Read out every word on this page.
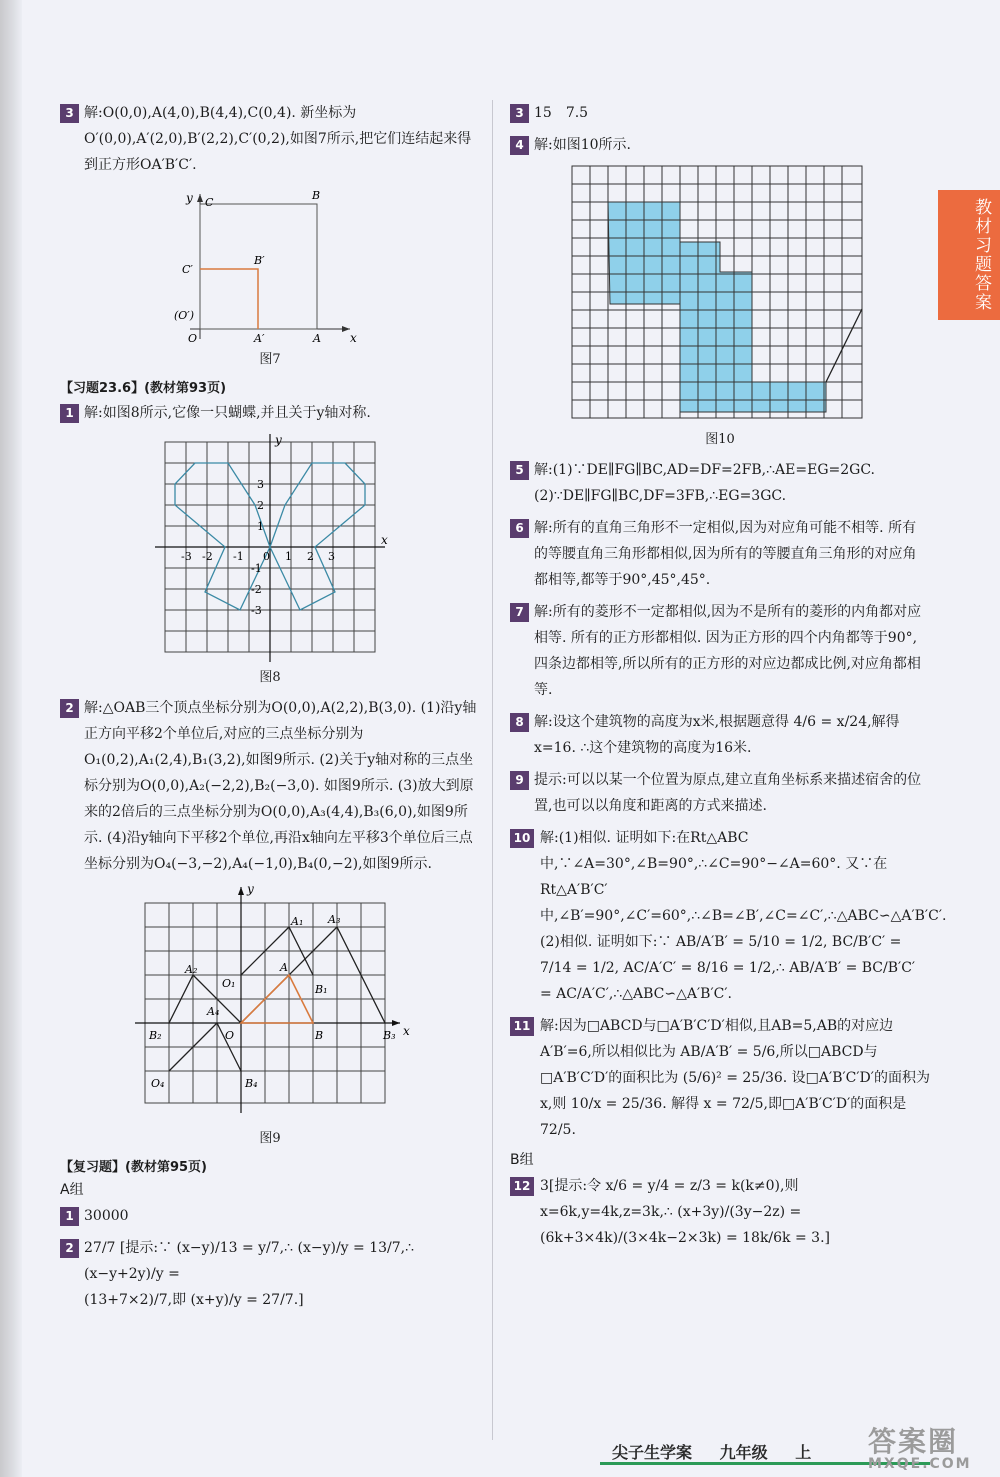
教材习题答案
3 解:O(0,0),A(4,0),B(4,4),C(0,4). 新坐标为O′(0,0),A′(2,0),B′(2,2),C′(0,2),如图7所示,把它们连结起来得到正方形OA′B′C′.
y C
B
C′
B′
(O′)
O	A′	A x
图7
【习题23.6】(教材第93页)
1 解:如图8所示,它像一只蝴蝶,并且关于y轴对称.
y
x
3
2
1
-1
-2
-3
-3 -2 -1 0 1 2 3
图8
2 解:△OAB三个顶点坐标分别为O(0,0),A(2,2),B(3,0). (1)沿y轴正方向平移2个单位后,对应的三点坐标分别为O₁(0,2),A₁(2,4),B₁(3,2),如图9所示. (2)关于y轴对称的三点坐标分别为O(0,0),A₂(−2,2),B₂(−3,0). 如图9所示. (3)放大到原来的2倍后的三点坐标分别为O(0,0),A₃(4,4),B₃(6,0),如图9所示. (4)沿y轴向下平移2个单位,再沿x轴向左平移3个单位后三点坐标分别为O₄(−3,−2),A₄(−1,0),B₄(0,−2),如图9所示.
y
x
A₁ A₃
A₂
O₁
A
B₁
A₄
B₂	O	B	B₃
O₄	B₄
图9
【复习题】(教材第95页)
A组
1 30000
2 27/7 [提示:∵ (x−y)/13 = y/7,∴ (x−y)/y = 13/7,∴ (x−y+2y)/y =
(13+7×2)/7,即 (x+y)/y = 27/7.]
3 15　7.5
4 解:如图10所示.
图10
5 解:(1)∵DE∥FG∥BC,AD=DF=2FB,∴AE=EG=2GC.　(2)∵DE∥FG∥BC,DF=3FB,∴EG=3GC.
6 解:所有的直角三角形不一定相似,因为对应角可能不相等. 所有的等腰直角三角形都相似,因为所有的等腰直角三角形的对应角都相等,都等于90°,45°,45°.
7 解:所有的菱形不一定都相似,因为不是所有的菱形的内角都对应相等. 所有的正方形都相似. 因为正方形的四个内角都等于90°,四条边都相等,所以所有的正方形的对应边都成比例,对应角都相等.
8 解:设这个建筑物的高度为x米,根据题意得 4/6 = x/24,解得x=16. ∴这个建筑物的高度为16米.
9 提示:可以以某一个位置为原点,建立直角坐标系来描述宿舍的位置,也可以以角度和距离的方式来描述.
10 解:(1)相似. 证明如下:在Rt△ABC中,∵∠A=30°,∠B=90°,∴∠C=90°−∠A=60°. 又∵在Rt△A′B′C′中,∠B′=90°,∠C′=60°,∴∠B=∠B′,∠C=∠C′,∴△ABC∽△A′B′C′.　(2)相似. 证明如下:∵ AB/A′B′ = 5/10 = 1/2, BC/B′C′ = 7/14 = 1/2, AC/A′C′ = 8/16 = 1/2,∴ AB/A′B′ = BC/B′C′ = AC/A′C′,∴△ABC∽△A′B′C′.
11 解:因为□ABCD与□A′B′C′D′相似,且AB=5,AB的对应边A′B′=6,所以相似比为 AB/A′B′ = 5/6,所以□ABCD与□A′B′C′D′的面积比为 (5/6)² = 25/36. 设□A′B′C′D′的面积为x,则 10/x = 25/36. 解得 x = 72/5,即□A′B′C′D′的面积是 72/5.
B组
12 3[提示:令 x/6 = y/4 = z/3 = k(k≠0),则x=6k,y=4k,z=3k,∴ (x+3y)/(3y−2z) = (6k+3×4k)/(3×4k−2×3k) = 18k/6k = 3.]
尖子生学案 九年级 上	答案圈
MXQE.COM
